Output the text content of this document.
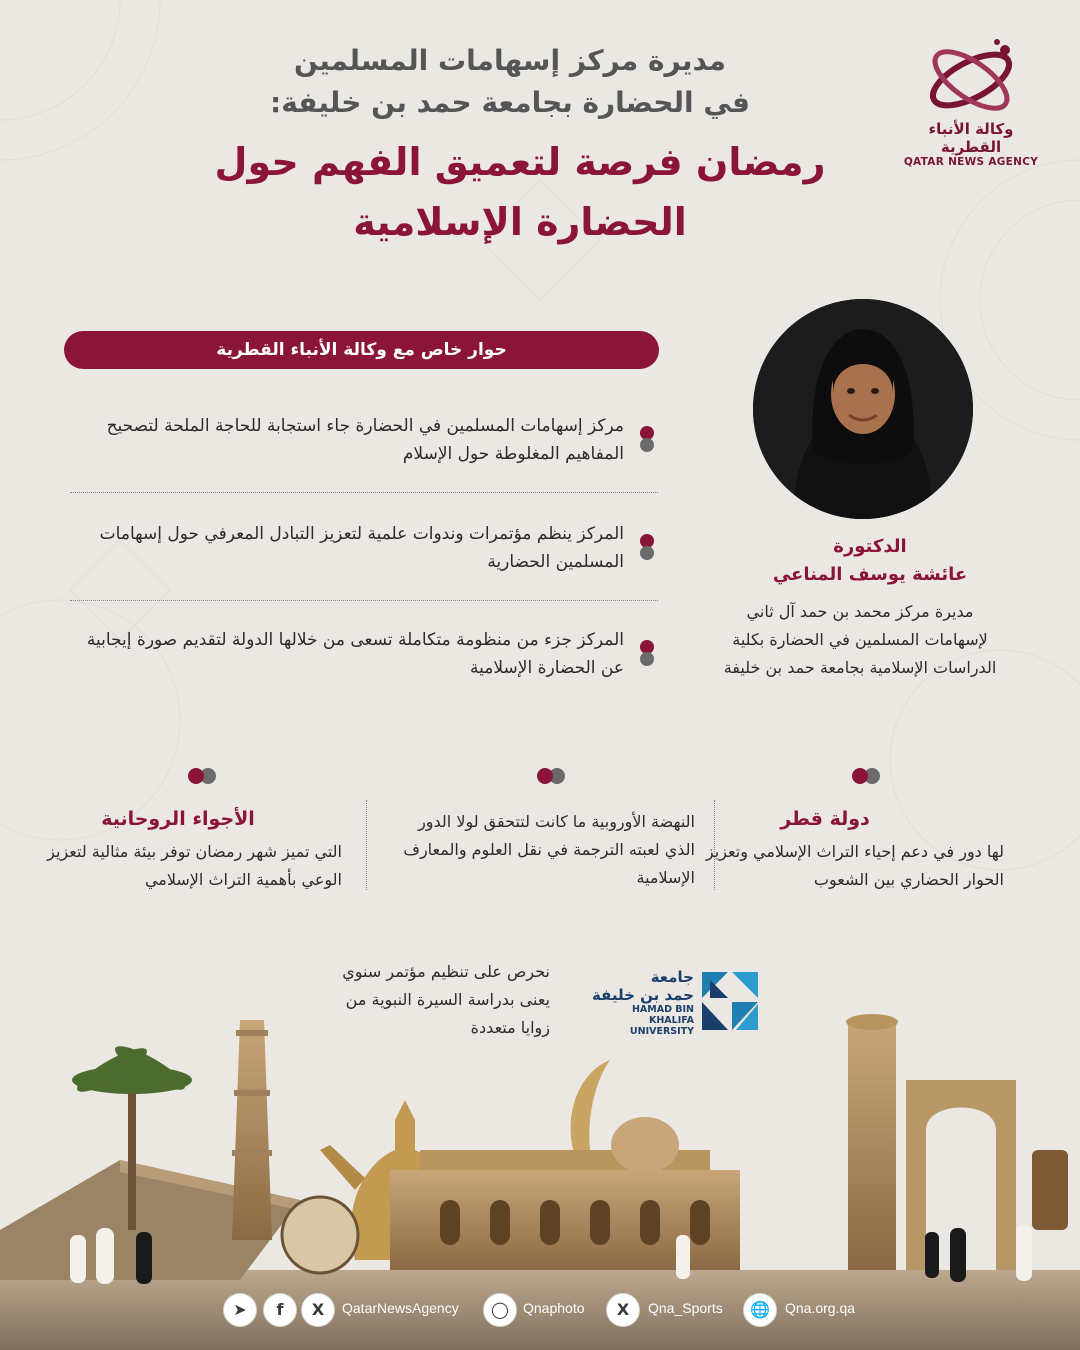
وكالة الأنباء القطرية
QATAR NEWS AGENCY
مديرة مركز إسهامات المسلمين
في الحضارة بجامعة حمد بن خليفة:
رمضان فرصة لتعميق الفهم حول
الحضارة الإسلامية
حوار خاص مع وكالة الأنباء القطرية
مركز إسهامات المسلمين في الحضارة جاء استجابة للحاجة الملحة لتصحيح المفاهيم المغلوطة حول الإسلام
المركز ينظم مؤتمرات وندوات علمية لتعزيز التبادل المعرفي حول إسهامات المسلمين الحضارية
المركز جزء من منظومة متكاملة تسعى من خلالها الدولة لتقديم صورة إيجابية عن الحضارة الإسلامية
الدكتورة
عائشة يوسف المناعي
مديرة مركز محمد بن حمد آل ثاني
لإسهامات المسلمين في الحضارة بكلية
الدراسات الإسلامية بجامعة حمد بن خليفة
دولة قطر
لها دور في دعم إحياء التراث الإسلامي وتعزيز الحوار الحضاري بين الشعوب
النهضة الأوروبية ما كانت لتتحقق لولا الدور الذي لعبته الترجمة في نقل العلوم والمعارف الإسلامية
الأجواء الروحانية
التي تميز شهر رمضان توفر بيئة مثالية لتعزيز الوعي بأهمية التراث الإسلامي
نحرص على تنظيم مؤتمر سنوي يعنى بدراسة السيرة النبوية من زوايا متعددة
جامعة
حمد بن خليفة
HAMAD BIN KHALIFA
UNIVERSITY
➤	f	X	QatarNewsAgency	◯	Qnaphoto	X	Qna_Sports	🌐	Qna.org.qa
